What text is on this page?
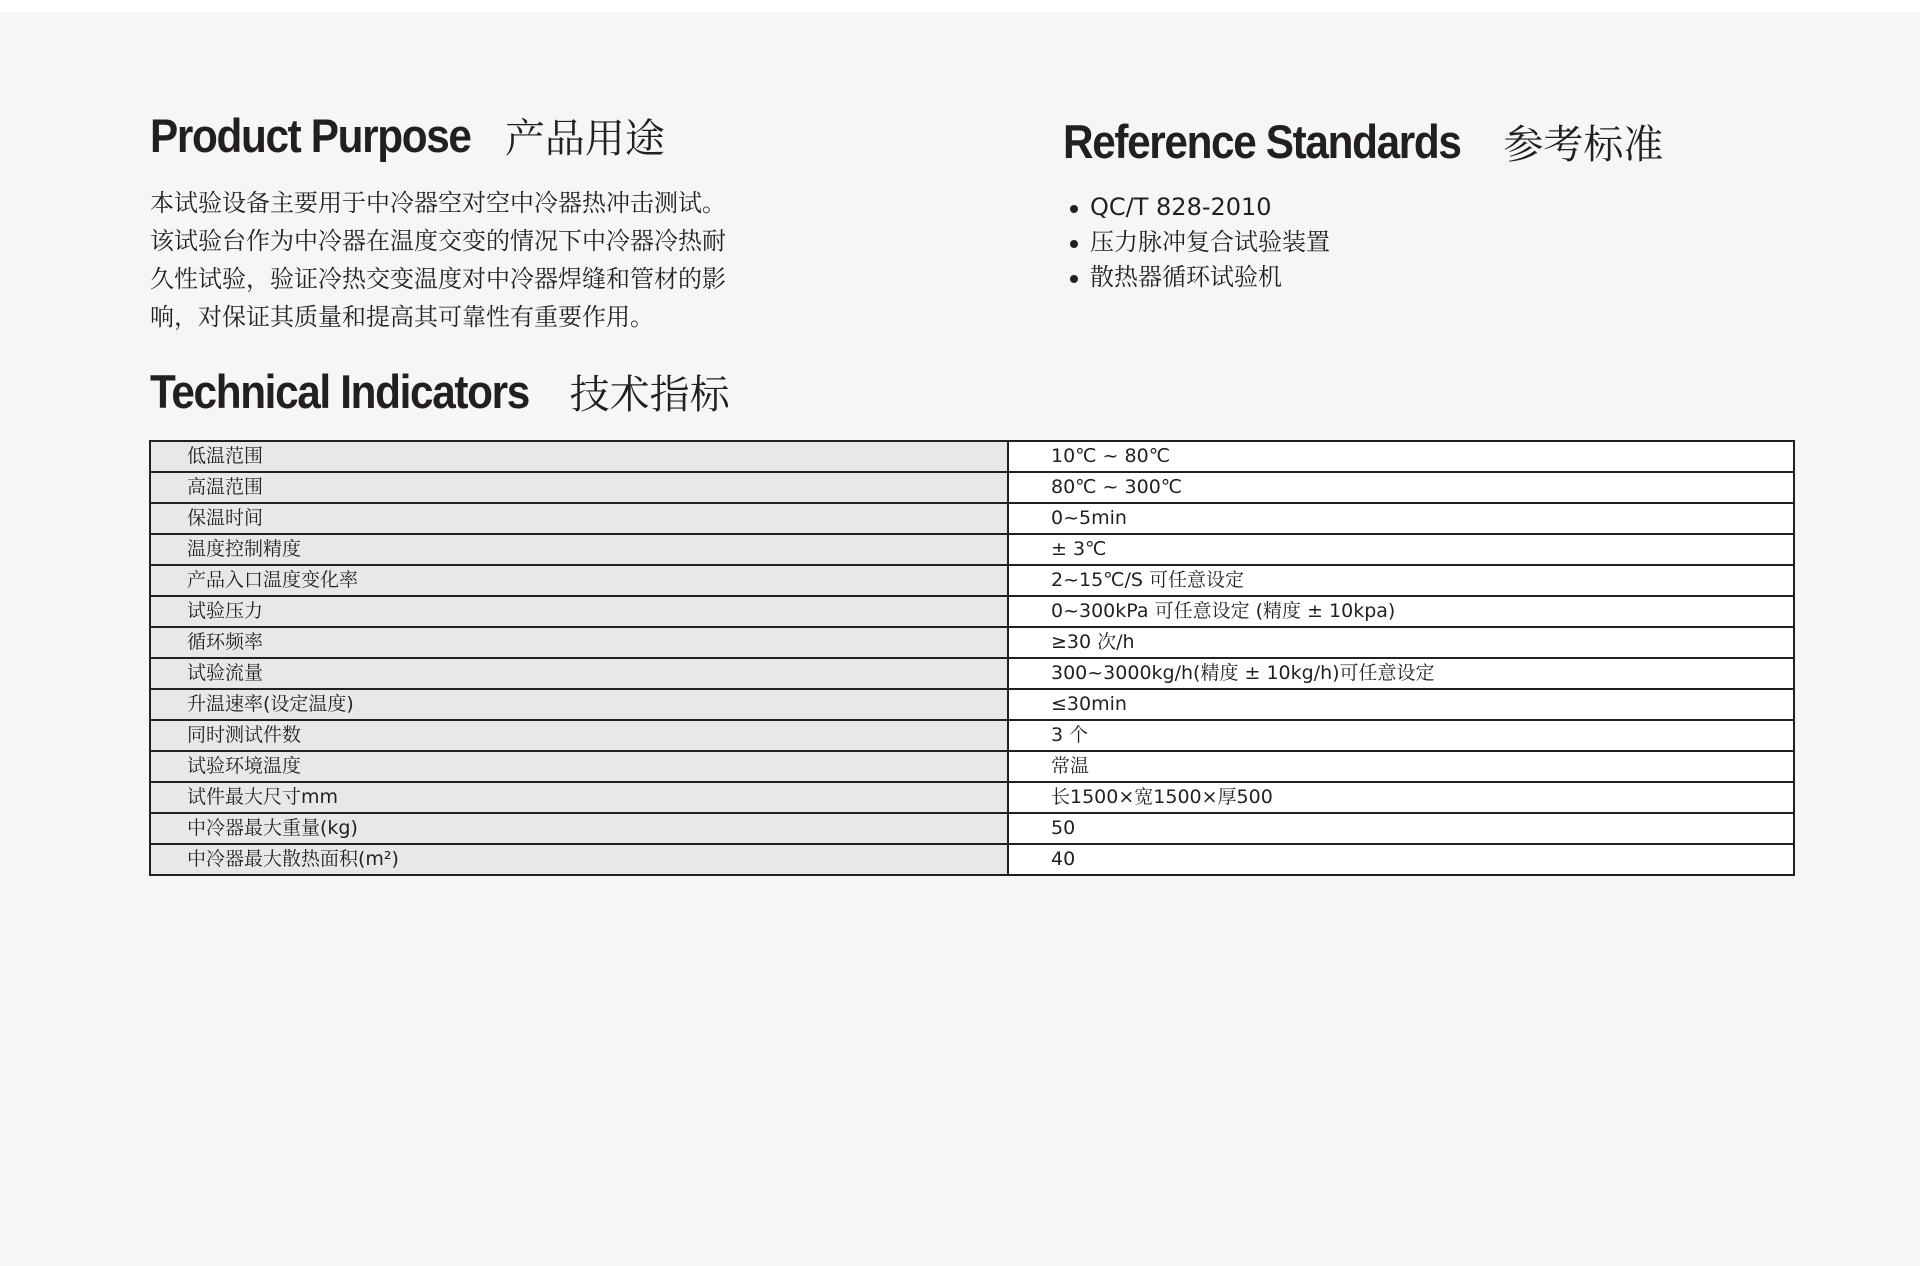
Product Purpose 产品用途

本试验设备主要用于中冷器空对空中冷器热冲击测试。
该试验台作为中冷器在温度交变的情况下中冷器冷热耐
久性试验，验证冷热交变温度对中冷器焊缝和管材的影
响，对保证其质量和提高其可靠性有重要作用。

Reference Standards 参考标准
QC/T 828-2010
压力脉冲复合试验装置
散热器循环试验机
Technical Indicators 技术指标
低温范围	10℃ ~ 80℃
高温范围	80℃ ~ 300℃
保温时间	0~5min
温度控制精度	± 3℃
产品入口温度变化率	2~15℃/S 可任意设定
试验压力	0~300kPa 可任意设定 (精度 ± 10kpa)
循环频率	≥30 次/h
试验流量	300~3000kg/h(精度 ± 10kg/h)可任意设定
升温速率(设定温度)	≤30min
同时测试件数	3 个
试验环境温度	常温
试件最大尺寸mm	长1500×宽1500×厚500
中冷器最大重量(kg)	50
中冷器最大散热面积(m²)	40
